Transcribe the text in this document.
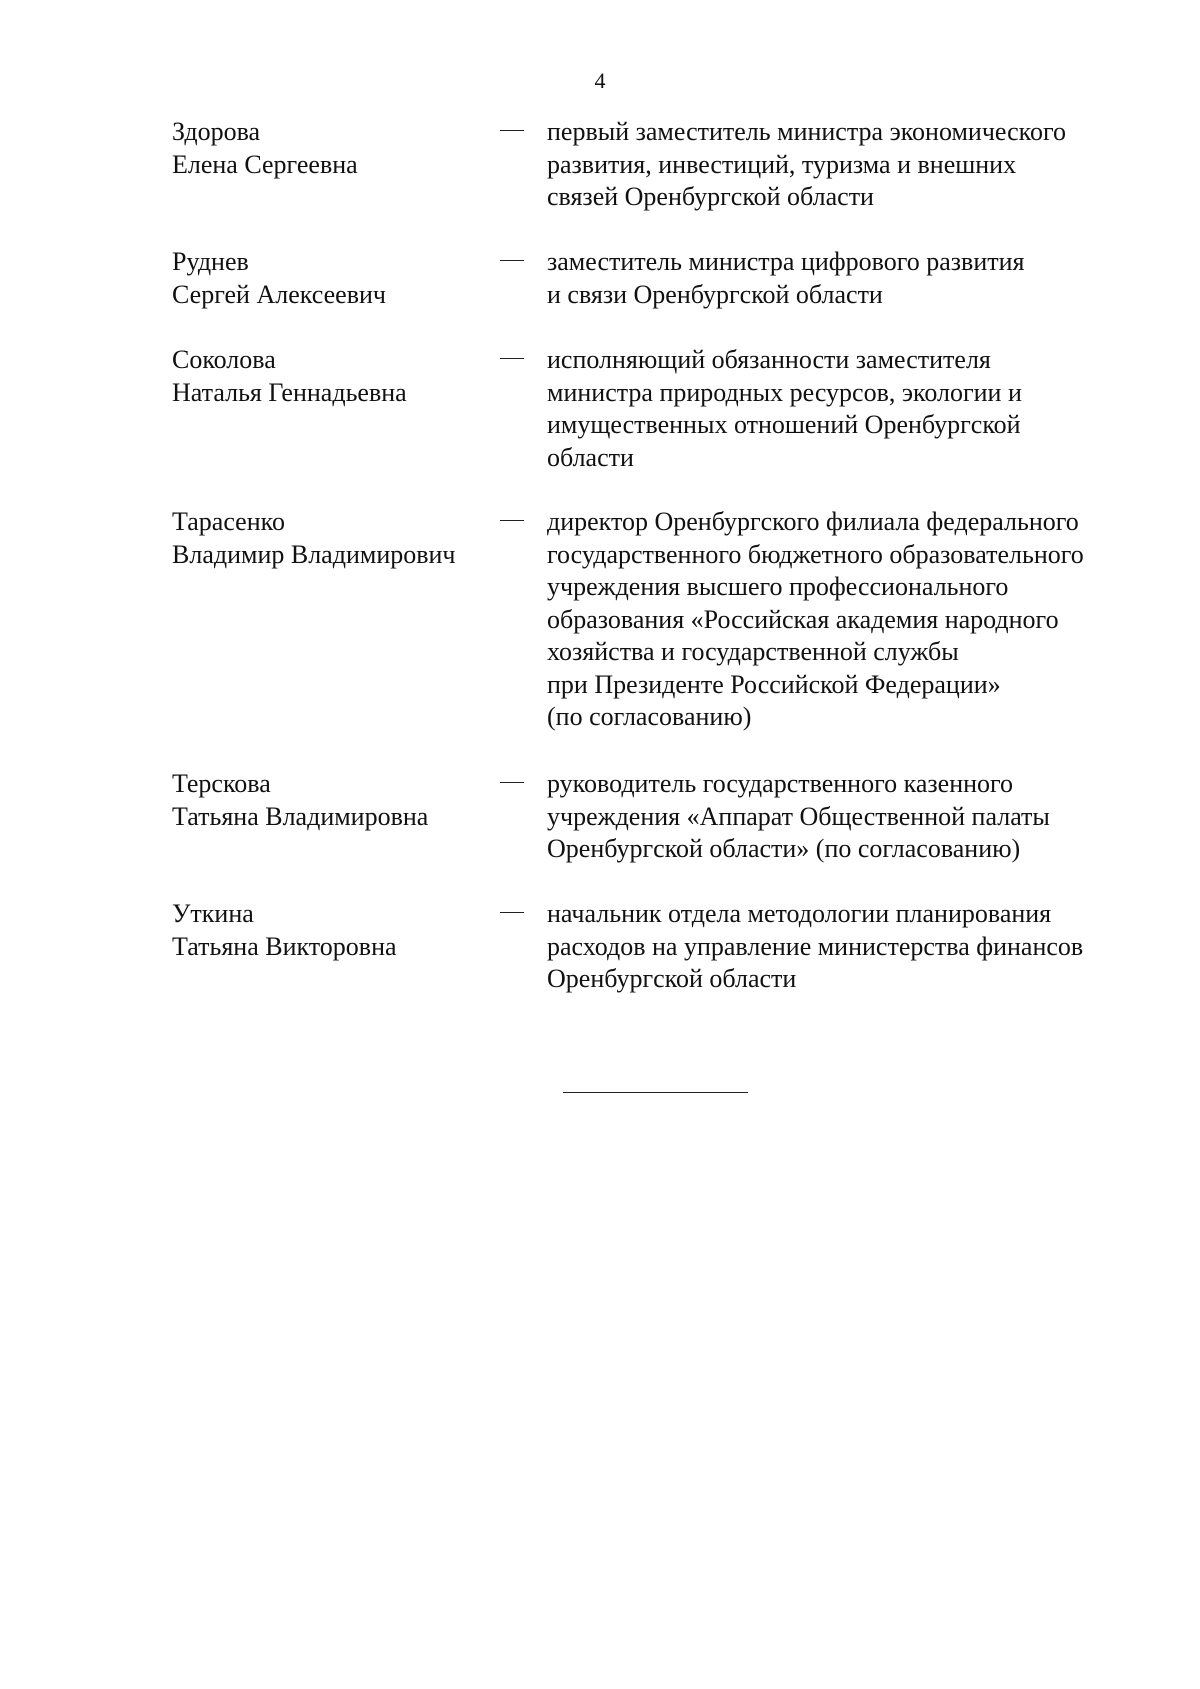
4
Здорова
Елена Сергеевна
первый заместитель министра экономического
развития, инвестиций, туризма и внешних
связей Оренбургской области
Руднев
Сергей Алексеевич
заместитель министра цифрового развития
и связи Оренбургской области
Соколова
Наталья Геннадьевна
исполняющий обязанности заместителя
министра природных ресурсов, экологии и
имущественных отношений Оренбургской
области
Тарасенко
Владимир Владимирович
директор Оренбургского филиала федерального
государственного бюджетного образовательного
учреждения высшего профессионального
образования «Российская академия народного
хозяйства и государственной службы
при Президенте Российской Федерации»
(по согласованию)
Терскова
Татьяна Владимировна
руководитель государственного казенного
учреждения «Аппарат Общественной палаты
Оренбургской области» (по согласованию)
Уткина
Татьяна Викторовна
начальник отдела методологии планирования
расходов на управление министерства финансов
Оренбургской области
